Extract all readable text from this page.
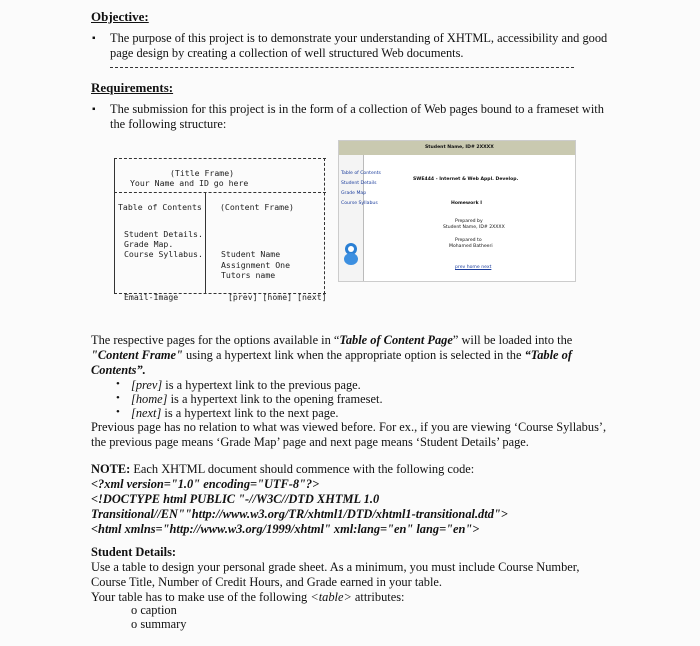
Objective:
▪ The purpose of this project is to demonstrate your understanding of XHTML, accessibility and good
page design by creating a collection of well structured Web documents.
Requirements:
▪ The submission for this project is in the form of a collection of Web pages bound to a frameset with
the following structure:
(Title Frame)
Your Name and ID go here
Table of Contents (Content Frame)
Student Details.
Grade Map.
Course Syllabus. Student Name
Assignment One
Tutors name
Email-Image	[prev] [home] [next]
Student Name, ID# 2XXXX
Table of Contents
Student Details
Grade Map
Course Syllabus
SWE444 - Internet & Web Appl. Develop.
Homework I
Prepared by
Student Name, ID# 2XXXX
Prepared to
Mohamed Batheeri
prev home next
The respective pages for the options available in “Table of Content Page” will be loaded into the
"Content Frame" using a hypertext link when the appropriate option is selected in the “Table of
Contents”.
• [prev] is a hypertext link to the previous page.
• [home] is a hypertext link to the opening frameset.
• [next] is a hypertext link to the next page.
Previous page has no relation to what was viewed before. For ex., if you are viewing ‘Course Syllabus’,
the previous page means ‘Grade Map’ page and next page means ‘Student Details’ page.
NOTE: Each XHTML document should commence with the following code:
<?xml version="1.0" encoding="UTF-8"?>
<!DOCTYPE html PUBLIC "-//W3C//DTD XHTML 1.0
Transitional//EN""http://www.w3.org/TR/xhtml1/DTD/xhtml1-transitional.dtd">
<html xmlns="http://www.w3.org/1999/xhtml" xml:lang="en" lang="en">
Student Details:
Use a table to design your personal grade sheet. As a minimum, you must include Course Number,
Course Title, Number of Credit Hours, and Grade earned in your table.
Your table has to make use of the following <table> attributes:
o caption
o summary
